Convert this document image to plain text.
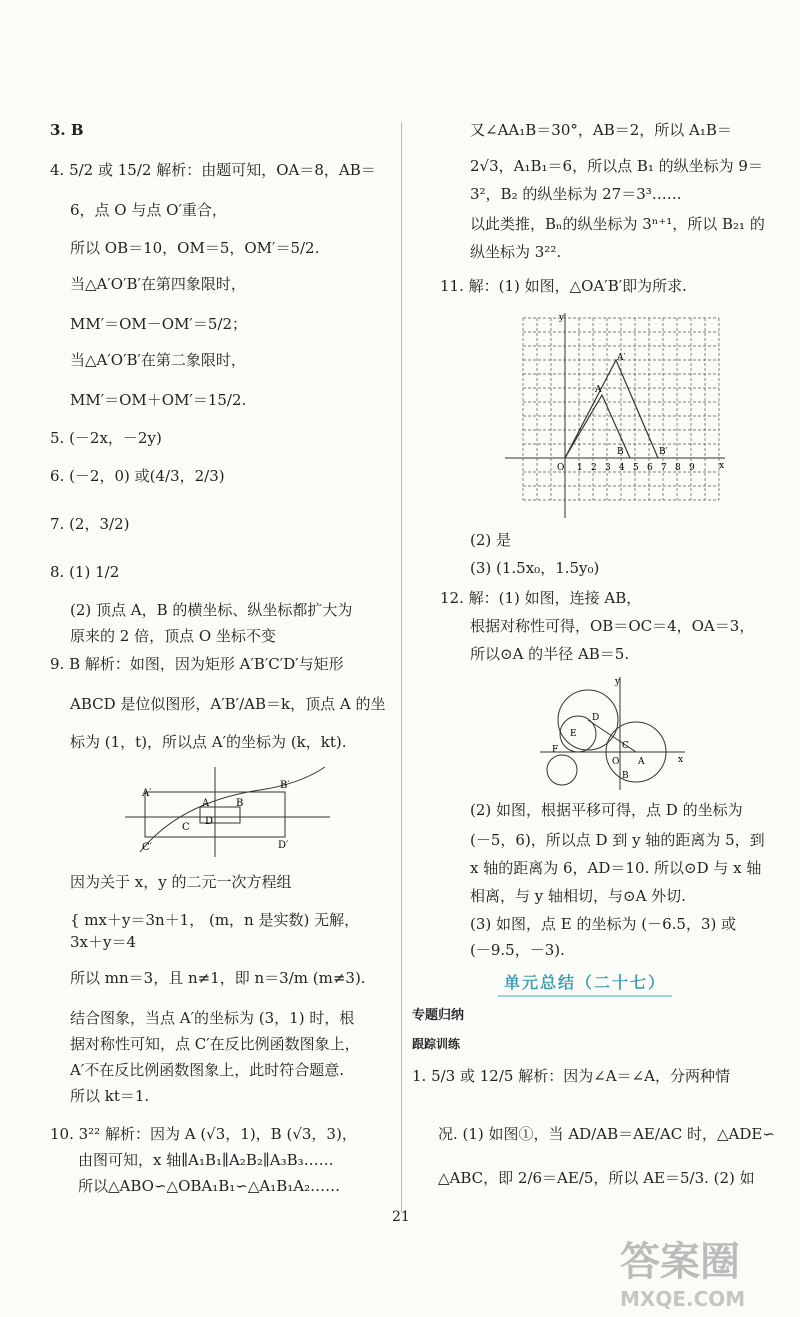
3. B
4. 5/2 或 15/2 解析：由题可知，OA＝8，AB＝
6，点 O 与点 O′重合，
所以 OB＝10，OM＝5，OM′＝5/2.
当△A′O′B′在第四象限时，
MM′＝OM－OM′＝5/2；
当△A′O′B′在第二象限时，
MM′＝OM＋OM′＝15/2.
5. (－2x，－2y)
6. (－2，0) 或(4/3，2/3)
7. (2，3/2)
8. (1) 1/2
(2) 顶点 A，B 的横坐标、纵坐标都扩大为
原来的 2 倍，顶点 O 坐标不变
9. B 解析：如图，因为矩形 A′B′C′D′与矩形
ABCD 是位似图形，A′B′/AB＝k，顶点 A 的坐
标为 (1，t)，所以点 A′的坐标为 (k，kt).
A′
B′
C
D
A	B
C′	D′
因为关于 x，y 的二元一次方程组
{ mx＋y＝3n＋1， (m，n 是实数) 无解，
3x＋y＝4
所以 mn＝3，且 n≠1，即 n＝3/m (m≠3).
结合图象，当点 A′的坐标为 (3，1) 时，根
据对称性可知，点 C′在反比例函数图象上，
A′不在反比例函数图象上，此时符合题意.
所以 kt＝1.
10. 3²² 解析：因为 A (√3，1)，B (√3，3)，
由图可知，x 轴∥A₁B₁∥A₂B₂∥A₃B₃……
所以△ABO∽△OBA₁B₁∽△A₁B₁A₂……
又∠AA₁B＝30°，AB＝2，所以 A₁B＝
2√3，A₁B₁＝6，所以点 B₁ 的纵坐标为 9＝
3²，B₂ 的纵坐标为 27＝3³……
以此类推，Bₙ的纵坐标为 3ⁿ⁺¹，所以 B₂₁ 的
纵坐标为 3²².
11. 解：(1) 如图，△OA′B′即为所求.
y
x
O
A′
A
B	B′
1 2 3 4 5 6 7 8 9
(2) 是
(3) (1.5x₀，1.5y₀)
12. 解：(1) 如图，连接 AB，
根据对称性可得，OB＝OC＝4，OA＝3，
所以⊙A 的半径 AB＝5.
y
x
D
E
F	C
A
B
O
(2) 如图，根据平移可得，点 D 的坐标为
(－5，6)，所以点 D 到 y 轴的距离为 5，到
x 轴的距离为 6，AD＝10. 所以⊙D 与 x 轴
相离，与 y 轴相切，与⊙A 外切.
(3) 如图，点 E 的坐标为 (－6.5，3) 或
(－9.5，－3).
单元总结（二十七）
专题归纳
跟踪训练
1. 5/3 或 12/5 解析：因为∠A＝∠A，分两种情
况. (1) 如图①，当 AD/AB＝AE/AC 时，△ADE∽
△ABC，即 2/6＝AE/5，所以 AE＝5/3. (2) 如
21
答案圈
MXQE.COM
